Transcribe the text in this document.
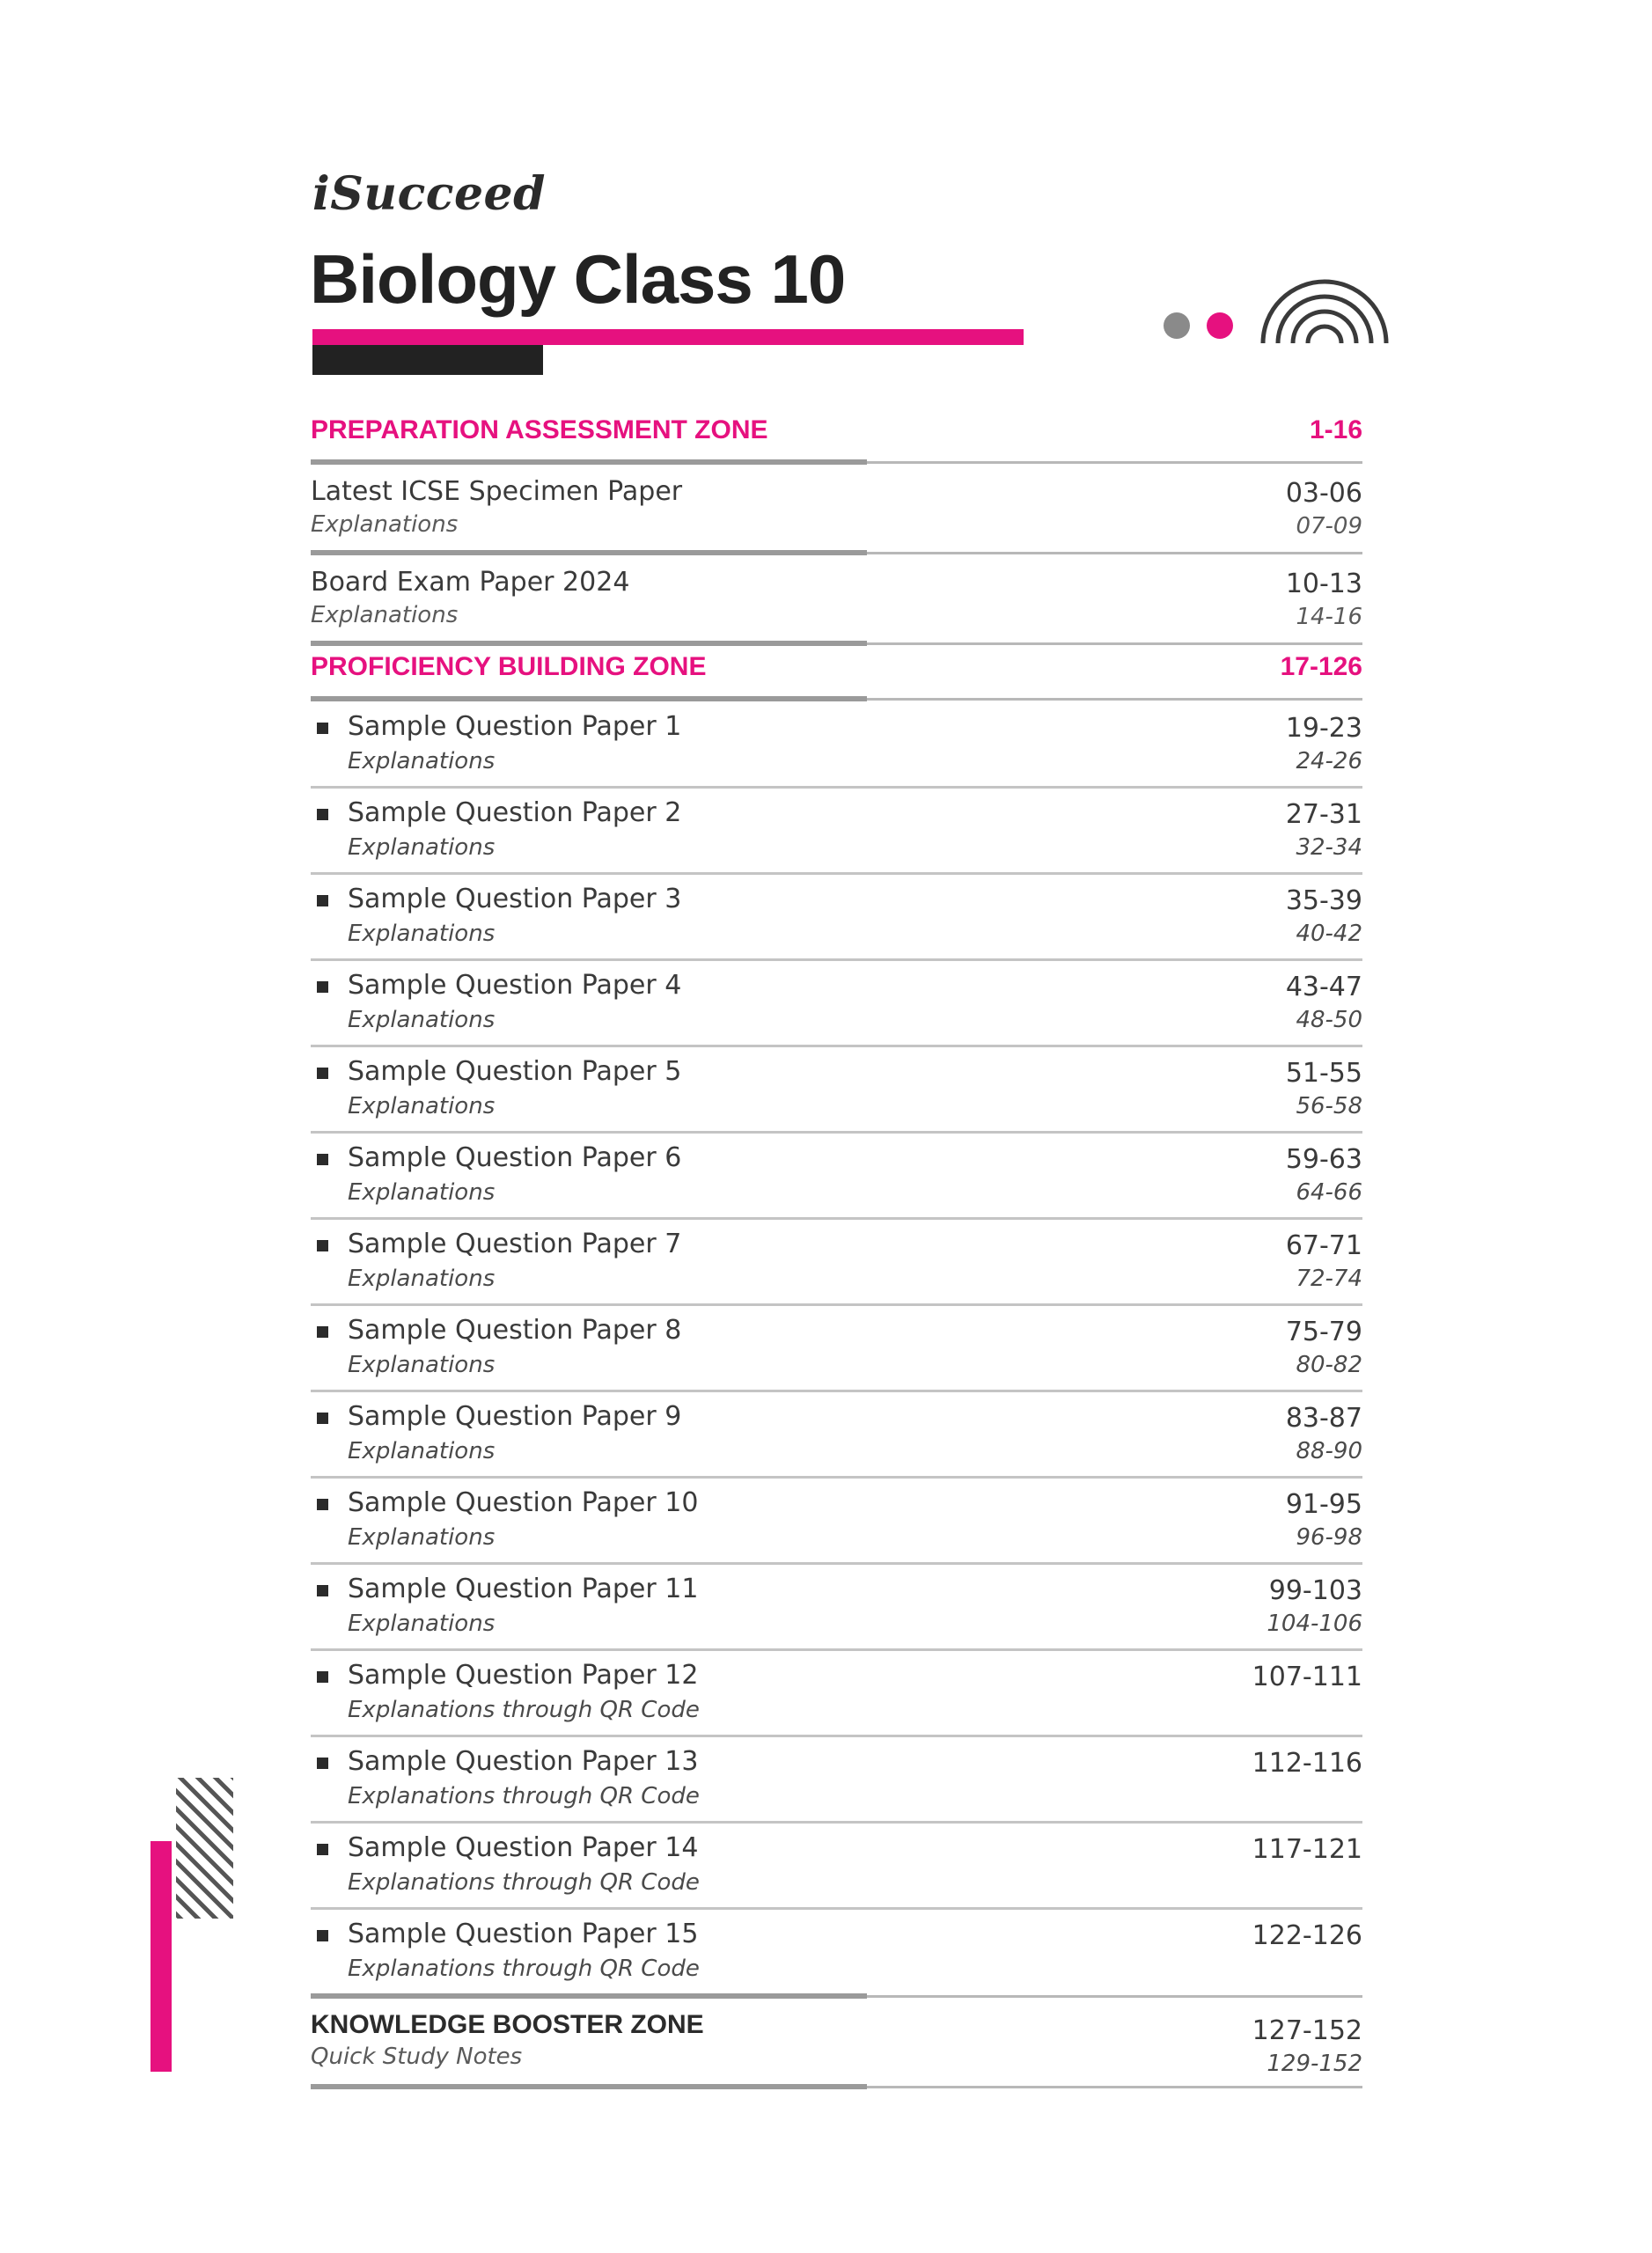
iSucceed
Biology Class 10
PREPARATION ASSESSMENT ZONE	1-16
Latest ICSE Specimen Paper
Explanations
03-06
07-09
Board Exam Paper 2024
Explanations
10-13
14-16
PROFICIENCY BUILDING ZONE	17-126
Sample Question Paper 1
Explanations
19-23
24-26
Sample Question Paper 2
Explanations
27-31
32-34
Sample Question Paper 3
Explanations
35-39
40-42
Sample Question Paper 4
Explanations
43-47
48-50
Sample Question Paper 5
Explanations
51-55
56-58
Sample Question Paper 6
Explanations
59-63
64-66
Sample Question Paper 7
Explanations
67-71
72-74
Sample Question Paper 8
Explanations
75-79
80-82
Sample Question Paper 9
Explanations
83-87
88-90
Sample Question Paper 10
Explanations
91-95
96-98
Sample Question Paper 11
Explanations
99-103
104-106
Sample Question Paper 12
Explanations through QR Code
107-111
Sample Question Paper 13
Explanations through QR Code
112-116
Sample Question Paper 14
Explanations through QR Code
117-121
Sample Question Paper 15
Explanations through QR Code
122-126
KNOWLEDGE BOOSTER ZONE
Quick Study Notes
127-152
129-152
